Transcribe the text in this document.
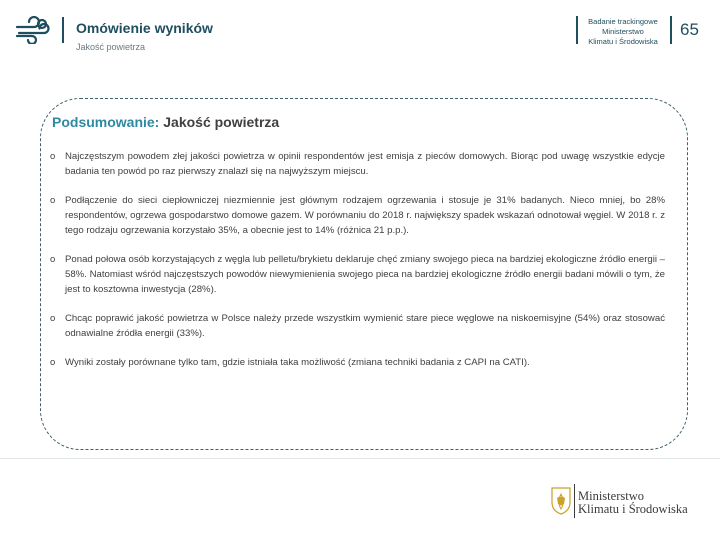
Omówienie wyników
Jakość powietrza
Badanie trackingowe
Ministerstwo
Klimatu i Środowiska
65
Podsumowanie: Jakość powietrza
o Najczęstszym powodem złej jakości powietrza w opinii respondentów jest emisja z pieców domowych. Biorąc pod uwagę wszystkie edycje badania ten powód po raz pierwszy znalazł się na najwyższym miejscu.
o Podłączenie do sieci ciepłowniczej niezmiennie jest głównym rodzajem ogrzewania i stosuje je 31% badanych. Nieco mniej, bo 28% respondentów, ogrzewa gospodarstwo domowe gazem. W porównaniu do 2018 r. największy spadek wskazań odnotował węgiel. W 2018 r. z tego rodzaju ogrzewania korzystało 35%, a obecnie jest to 14% (różnica 21 p.p.).
o Ponad połowa osób korzystających z węgla lub pelletu/brykietu deklaruje chęć zmiany swojego pieca na bardziej ekologiczne źródło energii – 58%. Natomiast wśród najczęstszych powodów niewymienienia swojego pieca na bardziej ekologiczne źródło energii badani mówili o tym, że jest to kosztowna inwestycja (28%).
o Chcąc poprawić jakość powietrza w Polsce należy przede wszystkim wymienić stare piece węglowe na niskoemisyjne (54%) oraz stosować odnawialne źródła energii (33%).
o Wyniki zostały porównane tylko tam, gdzie istniała taka możliwość (zmiana techniki badania z CAPI na CATI).
Ministerstwo
Klimatu i Środowiska
